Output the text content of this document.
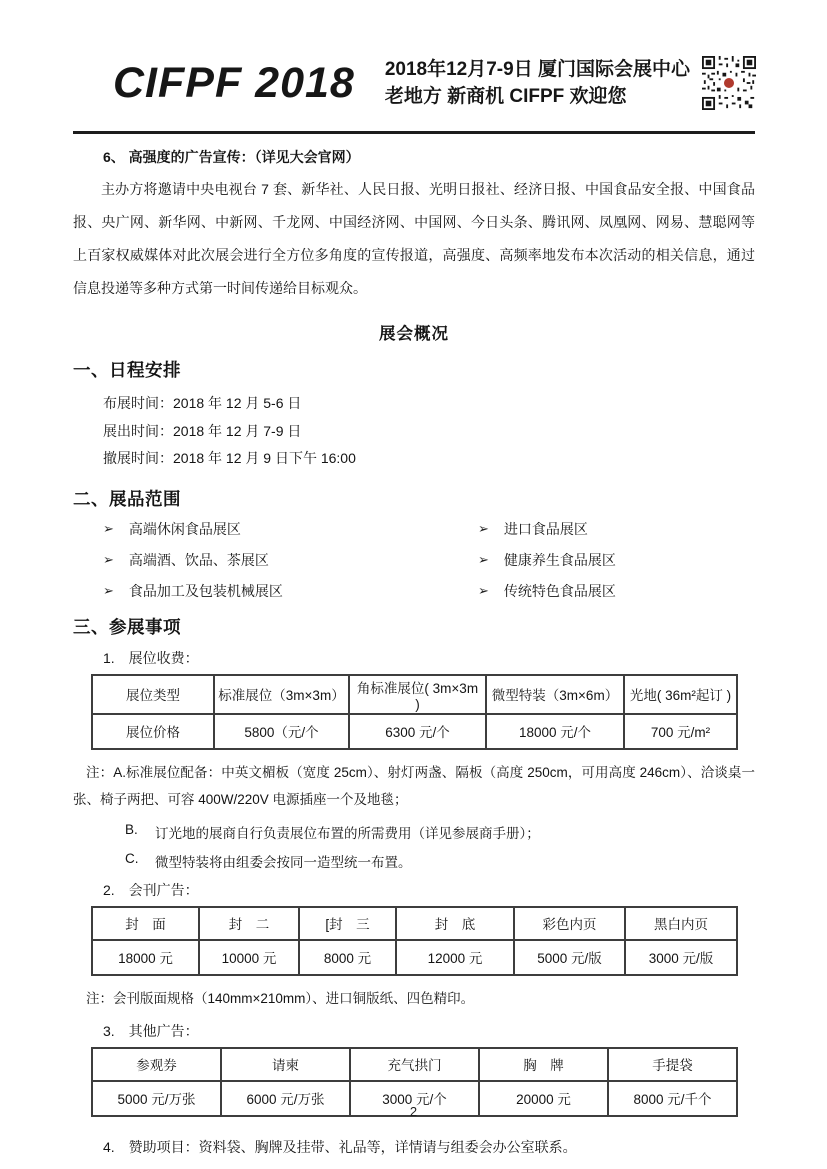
CIFPF 2018 2018年12月7-9日 厦门国际会展中心
老地方 新商机 CIFPF 欢迎您
6、 高强度的广告宣传：（详见大会官网）

主办方将邀请中央电视台 7 套、新华社、人民日报、光明日报社、经济日报、中国食品安全报、中国食品报、央广网、新华网、中新网、千龙网、中国经济网、中国网、今日头条、腾讯网、凤凰网、网易、慧聪网等上百家权威媒体对此次展会进行全方位多角度的宣传报道，高强度、高频率地发布本次活动的相关信息，通过信息投递等多种方式第一时间传递给目标观众。

展会概况
一、日程安排
布展时间：2018 年 12 月 5-6 日
展出时间：2018 年 12 月 7-9 日
撤展时间：2018 年 12 月 9 日下午 16:00
二、展品范围
➢ 高端休闲食品展区	➢ 进口食品展区
➢ 高端酒、饮品、茶展区	➢ 健康养生食品展区
➢ 食品加工及包装机械展区	➢ 传统特色食品展区
三、参展事项
1.　展位收费：
展位类型	标准展位（3m×3m）	角标准展位( 3m×3m )	微型特装（3m×6m）	光地( 36m²起订 )
展位价格	5800（元/个	6300 元/个	18000 元/个	700 元/m²

注：A.标准展位配备：中英文楣板（宽度 25cm）、射灯两盏、隔板（高度 250cm，可用高度 246cm）、洽谈桌一张、椅子两把、可容 400W/220V 电源插座一个及地毯；

B.	订光地的展商自行负责展位布置的所需费用（详见参展商手册）；
C.	微型特装将由组委会按同一造型统一布置。
2.　会刊广告：
封　面	封　二	[封　三	封　底	彩色内页	黑白内页
18000 元	10000 元	8000 元	12000 元	5000 元/版	3000 元/版

注：会刊版面规格（140mm×210mm）、进口铜版纸、四色精印。

3.　其他广告：
参观券	请柬	充气拱门	胸　牌	手提袋
5000 元/万张	6000 元/万张	3000 元/个	20000 元	8000 元/千个
4.　赞助项目：资料袋、胸牌及挂带、礼品等，详情请与组委会办公室联系。
2
